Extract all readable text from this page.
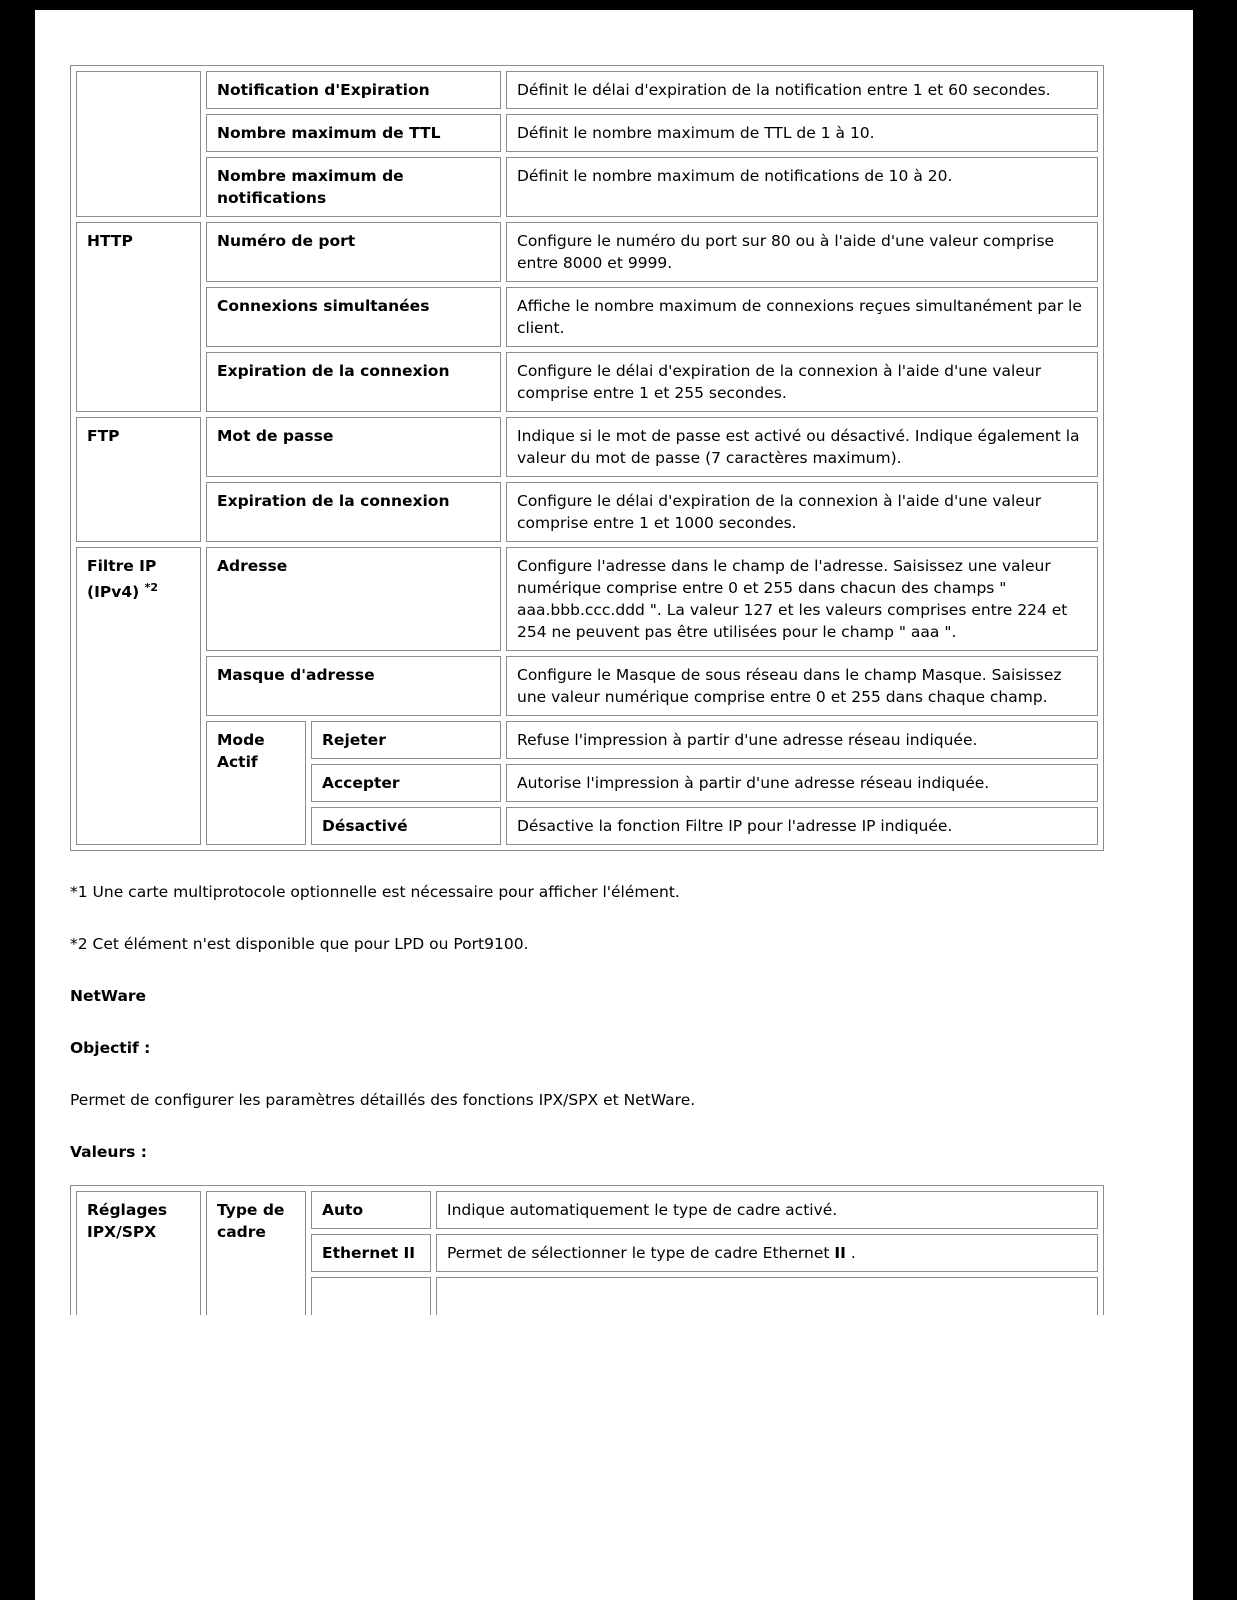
	Notification d'Expiration		Définit le délai d'expiration de la notification entre 1 et 60 secondes.
	Nombre maximum de TTL		Définit le nombre maximum de TTL de 1 à 10.
	Nombre maximum de notifications		Définit le nombre maximum de notifications de 10 à 20.
HTTP	Numéro de port		Configure le numéro du port sur 80 ou à l'aide d'une valeur comprise entre 8000 et 9999.
	Connexions simultanées		Affiche le nombre maximum de connexions reçues simultanément par le client.
	Expiration de la connexion		Configure le délai d'expiration de la connexion à l'aide d'une valeur comprise entre 1 et 255 secondes.
FTP	Mot de passe		Indique si le mot de passe est activé ou désactivé. Indique également la valeur du mot de passe (7 caractères maximum).
	Expiration de la connexion		Configure le délai d'expiration de la connexion à l'aide d'une valeur comprise entre 1 et 1000 secondes.
Filtre IP (IPv4) $^{*2}$	Adresse		Configure l'adresse dans le champ de l'adresse. Saisissez une valeur numérique comprise entre 0 et 255 dans chacun des champs " aaa.bbb.ccc.ddd ". La valeur 127 et les valeurs comprises entre 224 et 254 ne peuvent pas être utilisées pour le champ " aaa ".
	Masque d'adresse		Configure le Masque de sous réseau dans le champ Masque. Saisissez une valeur numérique comprise entre 0 et 255 dans chaque champ.
	Mode Actif	Rejeter	Refuse l'impression à partir d'une adresse réseau indiquée.
		Accepter	Autorise l'impression à partir d'une adresse réseau indiquée.
		Désactivé	Désactive la fonction Filtre IP pour l'adresse IP indiquée.

*1 Une carte multiprotocole optionnelle est nécessaire pour afficher l'élément.

*2 Cet élément n'est disponible que pour LPD ou Port9100.

NetWare

Objectif :

Permet de configurer les paramètres détaillés des fonctions IPX/SPX et NetWare.

Valeurs :

Réglages IPX/SPX	Type de cadre	Auto	Indique automatiquement le type de cadre activé.
		Ethernet II	Permet de sélectionner le type de cadre Ethernet II .
